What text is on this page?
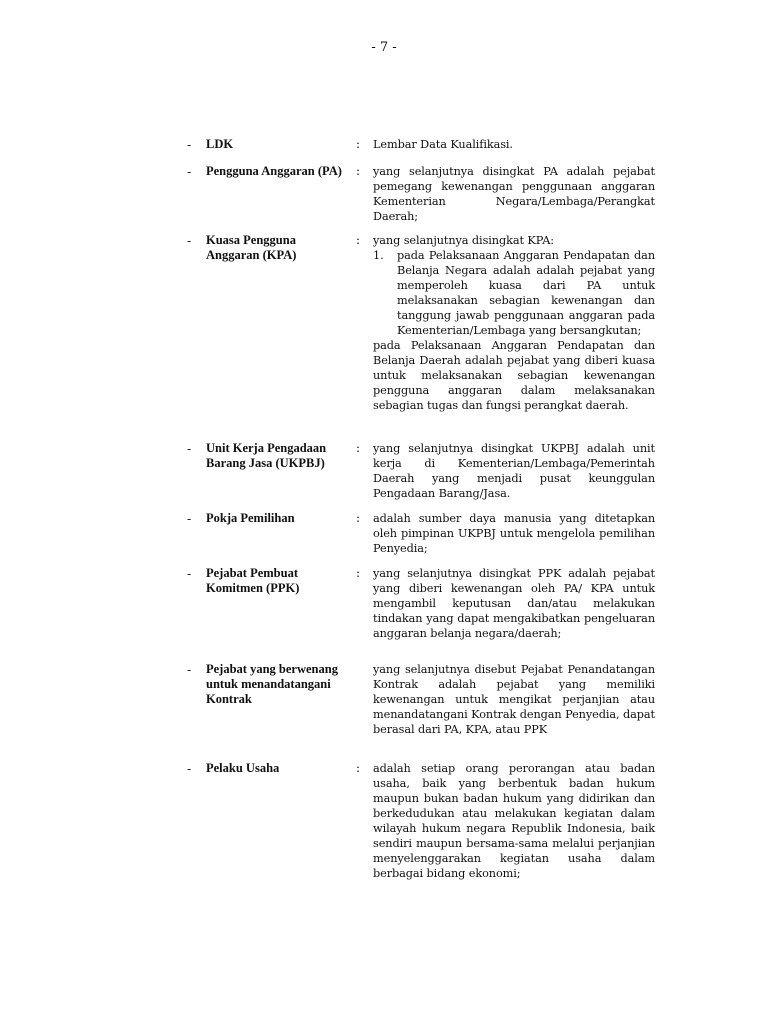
- 7 -
- LDK	: Lembar Data Kualifikasi.
- Pengguna Anggaran (PA)	: yang selanjutnya disingkat PA adalah pejabat pemegang kewenangan penggunaan anggaran Kementerian Negara/Lembaga/Perangkat Daerah;
- Kuasa Pengguna Anggaran (KPA)
: yang selanjutnya disingkat KPA:

1. pada Pelaksanaan Anggaran Pendapatan dan Belanja Negara adalah adalah pejabat yang memperoleh kuasa dari PA untuk melaksanakan sebagian kewenangan dan tanggung jawab penggunaan anggaran pada Kementerian/Lembaga yang bersangkutan;

pada Pelaksanaan Anggaran Pendapatan dan Belanja Daerah adalah pejabat yang diberi kuasa untuk melaksanakan sebagian kewenangan pengguna anggaran dalam melaksanakan sebagian tugas dan fungsi perangkat daerah.

- Unit Kerja Pengadaan Barang Jasa (UKPBJ)
: yang selanjutnya disingkat UKPBJ adalah unit kerja di Kementerian/Lembaga/Pemerintah Daerah yang menjadi pusat keunggulan Pengadaan Barang/Jasa.
- Pokja Pemilihan	: adalah sumber daya manusia yang ditetapkan oleh pimpinan UKPBJ untuk mengelola pemilihan Penyedia;
- Pejabat Pembuat Komitmen (PPK)
: yang selanjutnya disingkat PPK adalah pejabat yang diberi kewenangan oleh PA/ KPA untuk mengambil keputusan dan/atau melakukan tindakan yang dapat mengakibatkan pengeluaran anggaran belanja negara/daerah;
- Pejabat yang berwenang untuk menandatangani Kontrak
yang selanjutnya disebut Pejabat Penandatangan Kontrak adalah pejabat yang memiliki kewenangan untuk mengikat perjanjian atau menandatangani Kontrak dengan Penyedia, dapat berasal dari PA, KPA, atau PPK
- Pelaku Usaha	: adalah setiap orang perorangan atau badan usaha, baik yang berbentuk badan hukum maupun bukan badan hukum yang didirikan dan berkedudukan atau melakukan kegiatan dalam wilayah hukum negara Republik Indonesia, baik sendiri maupun bersama-sama melalui perjanjian menyelenggarakan kegiatan usaha dalam berbagai bidang ekonomi;
